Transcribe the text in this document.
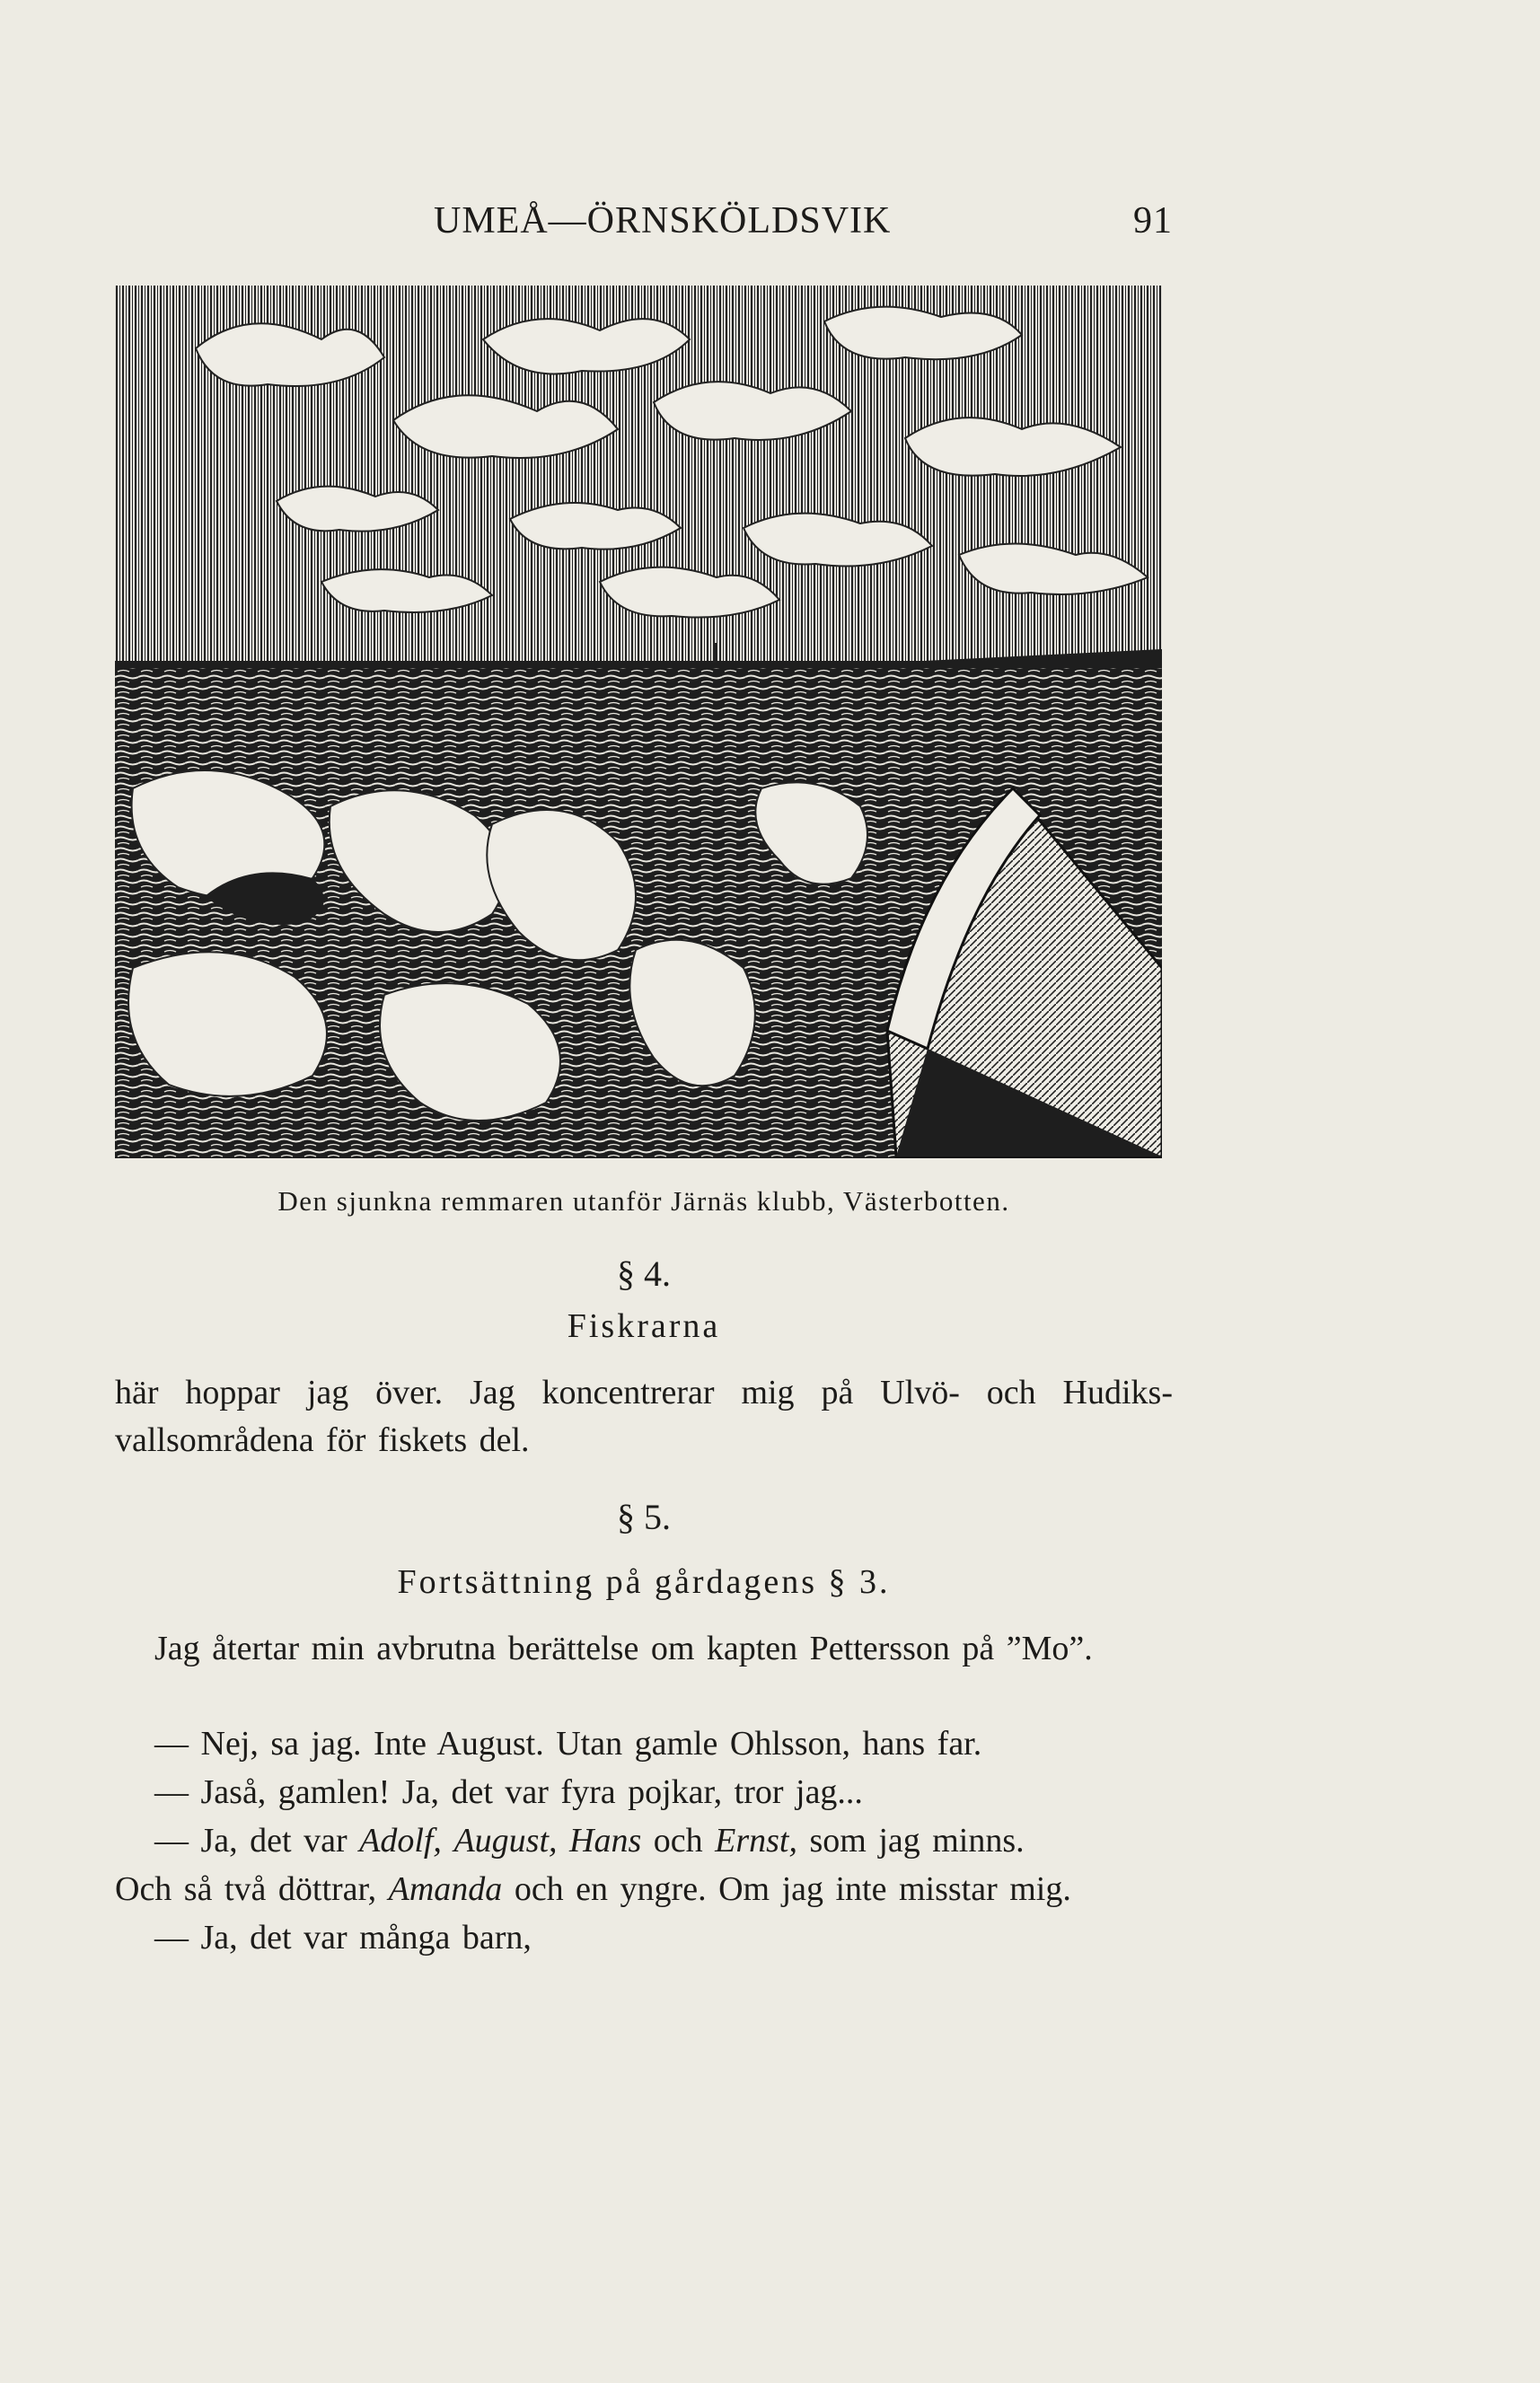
UMEÅ—ÖRNSKÖLDSVIK	91
Den sjunkna remmaren utanför Järnäs klubb, Västerbotten.
§ 4.
Fiskrarna
här hoppar jag över. Jag koncentrerar mig på Ulvö- och Hudiksvallsområdena för fiskets del.
§ 5.
Fortsättning på gårdagens § 3.
Jag återtar min avbrutna berättelse om kapten Pettersson på ”Mo”.
— Nej, sa jag. Inte August. Utan gamle Ohlsson, hans far.
— Jaså, gamlen! Ja, det var fyra pojkar, tror jag...
— Ja, det var Adolf, August, Hans och Ernst, som jag minns.
Och så två döttrar, Amanda och en yngre. Om jag inte misstar mig.
— Ja, det var många barn,
